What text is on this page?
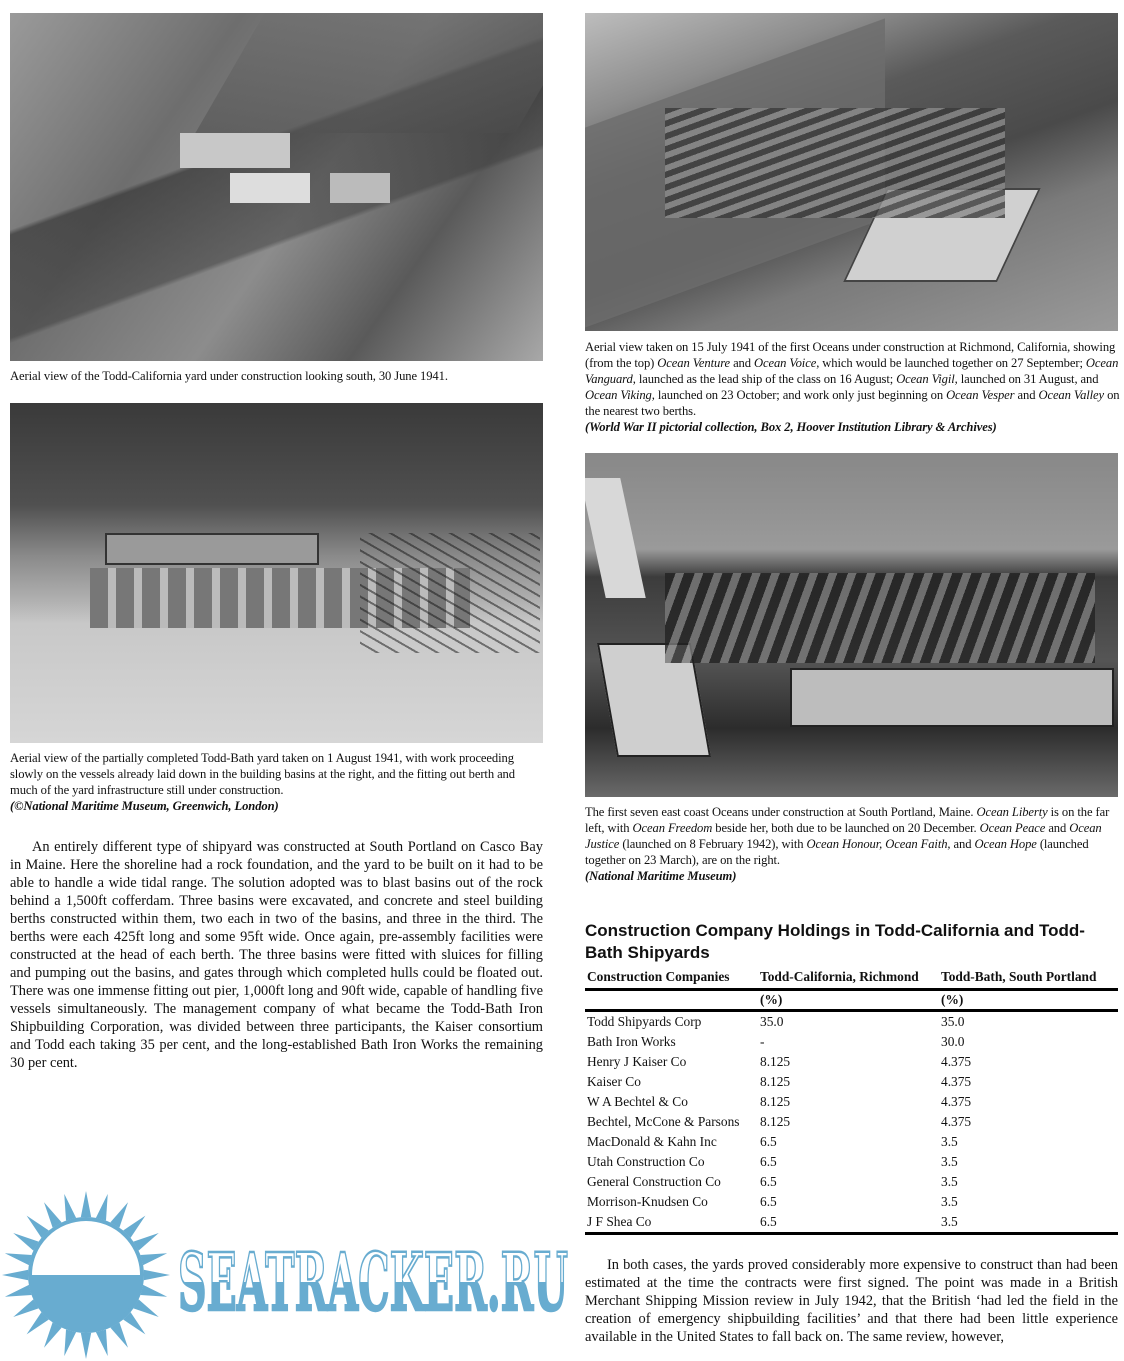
Aerial view of the Todd-California yard under construction looking south, 30 June 1941.
Aerial view of the partially completed Todd-Bath yard taken on 1 August 1941, with work proceeding slowly on the vessels already laid down in the building basins at the right, and the fitting out berth and much of the yard infrastructure still under construction.
(©National Maritime Museum, Greenwich, London)
An entirely different type of shipyard was constructed at South Portland on Casco Bay in Maine. Here the shoreline had a rock foundation, and the yard to be built on it had to be able to handle a wide tidal range. The solution adopted was to blast basins out of the rock behind a 1,500ft cofferdam. Three basins were excavated, and concrete and steel building berths constructed within them, two each in two of the basins, and three in the third. The berths were each 425ft long and some 95ft wide. Once again, pre-assembly facilities were constructed at the head of each berth. The three basins were fitted with sluices for filling and pumping out the basins, and gates through which completed hulls could be floated out. There was one immense fitting out pier, 1,000ft long and 90ft wide, capable of handling five vessels simultaneously. The management company of what became the Todd-Bath Iron Shipbuilding Corporation, was divided between three participants, the Kaiser consortium and Todd each taking 35 per cent, and the long-established Bath Iron Works the remaining 30 per cent.
Aerial view taken on 15 July 1941 of the first Oceans under construction at Richmond, California, showing (from the top) Ocean Venture and Ocean Voice, which would be launched together on 27 September; Ocean Vanguard, launched as the lead ship of the class on 16 August; Ocean Vigil, launched on 31 August, and Ocean Viking, launched on 23 October; and work only just beginning on Ocean Vesper and Ocean Valley on the nearest two berths.
(World War II pictorial collection, Box 2, Hoover Institution Library & Archives)
The first seven east coast Oceans under construction at South Portland, Maine. Ocean Liberty is on the far left, with Ocean Freedom beside her, both due to be launched on 20 December. Ocean Peace and Ocean Justice (launched on 8 February 1942), with Ocean Honour, Ocean Faith, and Ocean Hope (launched together on 23 March), are on the right.
(National Maritime Museum)
Construction Company Holdings in Todd-California and Todd-Bath Shipyards
Construction Companies	Todd-California, Richmond	Todd-Bath, South Portland
	(%)	(%)
Todd Shipyards Corp	35.0	35.0
Bath Iron Works	-	30.0
Henry J Kaiser Co	8.125	4.375
Kaiser Co	8.125	4.375
W A Bechtel & Co	8.125	4.375
Bechtel, McCone & Parsons	8.125	4.375
MacDonald & Kahn Inc	6.5	3.5
Utah Construction Co	6.5	3.5
General Construction Co	6.5	3.5
Morrison-Knudsen Co	6.5	3.5
J F Shea Co	6.5	3.5
In both cases, the yards proved considerably more expensive to construct than had been estimated at the time the contracts were first signed. The point was made in a British Merchant Shipping Mission review in July 1942, that the British ‘had led the field in the creation of emergency shipbuilding facilities’ and that there had been little experience available in the United States to fall back on. The same review, however,
SEATRACKER.RU
